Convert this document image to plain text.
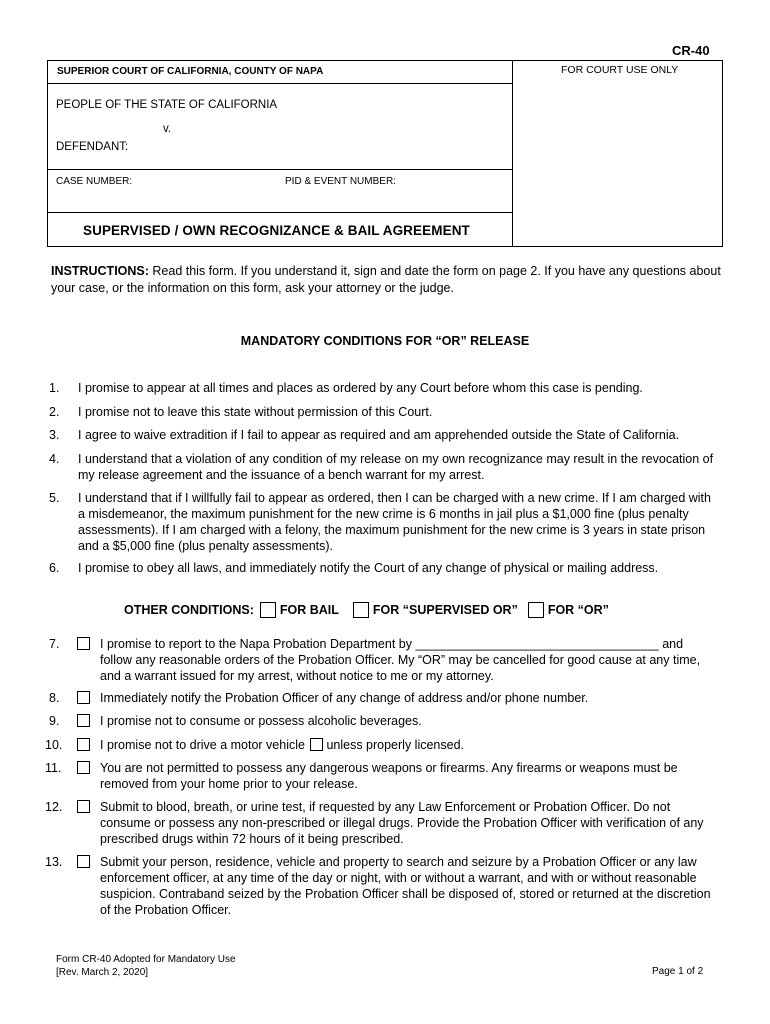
CR-40
SUPERIOR COURT OF CALIFORNIA, COUNTY OF NAPA
PEOPLE OF THE STATE OF CALIFORNIA
v.
DEFENDANT:
CASE NUMBER:	PID & EVENT NUMBER:
SUPERVISED / OWN RECOGNIZANCE & BAIL AGREEMENT
FOR COURT USE ONLY
INSTRUCTIONS: Read this form. If you understand it, sign and date the form on page 2. If you have any questions about your case, or the information on this form, ask your attorney or the judge.
MANDATORY CONDITIONS FOR “OR” RELEASE
1. I promise to appear at all times and places as ordered by any Court before whom this case is pending.
2. I promise not to leave this state without permission of this Court.
3. I agree to waive extradition if I fail to appear as required and am apprehended outside the State of California.
4. I understand that a violation of any condition of my release on my own recognizance may result in the revocation of my release agreement and the issuance of a bench warrant for my arrest.
5. I understand that if I willfully fail to appear as ordered, then I can be charged with a new crime. If I am charged with a misdemeanor, the maximum punishment for the new crime is 6 months in jail plus a $1,000 fine (plus penalty assessments). If I am charged with a felony, the maximum punishment for the new crime is 3 years in state prison and a $5,000 fine (plus penalty assessments).
6. I promise to obey all laws, and immediately notify the Court of any change of physical or mailing address.
OTHER CONDITIONS: FOR BAIL	FOR “SUPERVISED OR” FOR “OR”
7.	I promise to report to the Napa Probation Department by ___________________________________ and follow any reasonable orders of the Probation Officer. My “OR” may be cancelled for good cause at any time, and a warrant issued for my arrest, without notice to me or my attorney.
8.	Immediately notify the Probation Officer of any change of address and/or phone number.
9.	I promise not to consume or possess alcoholic beverages.
10.	I promise not to drive a motor vehicle unless properly licensed.
11.	You are not permitted to possess any dangerous weapons or firearms. Any firearms or weapons must be removed from your home prior to your release.
12.	Submit to blood, breath, or urine test, if requested by any Law Enforcement or Probation Officer. Do not consume or possess any non-prescribed or illegal drugs. Provide the Probation Officer with verification of any prescribed drugs within 72 hours of it being prescribed.
13.	Submit your person, residence, vehicle and property to search and seizure by a Probation Officer or any law enforcement officer, at any time of the day or night, with or without a warrant, and with or without reasonable suspicion. Contraband seized by the Probation Officer shall be disposed of, stored or returned at the discretion of the Probation Officer.
Form CR-40 Adopted for Mandatory Use
[Rev. March 2, 2020]	Page 1 of 2
